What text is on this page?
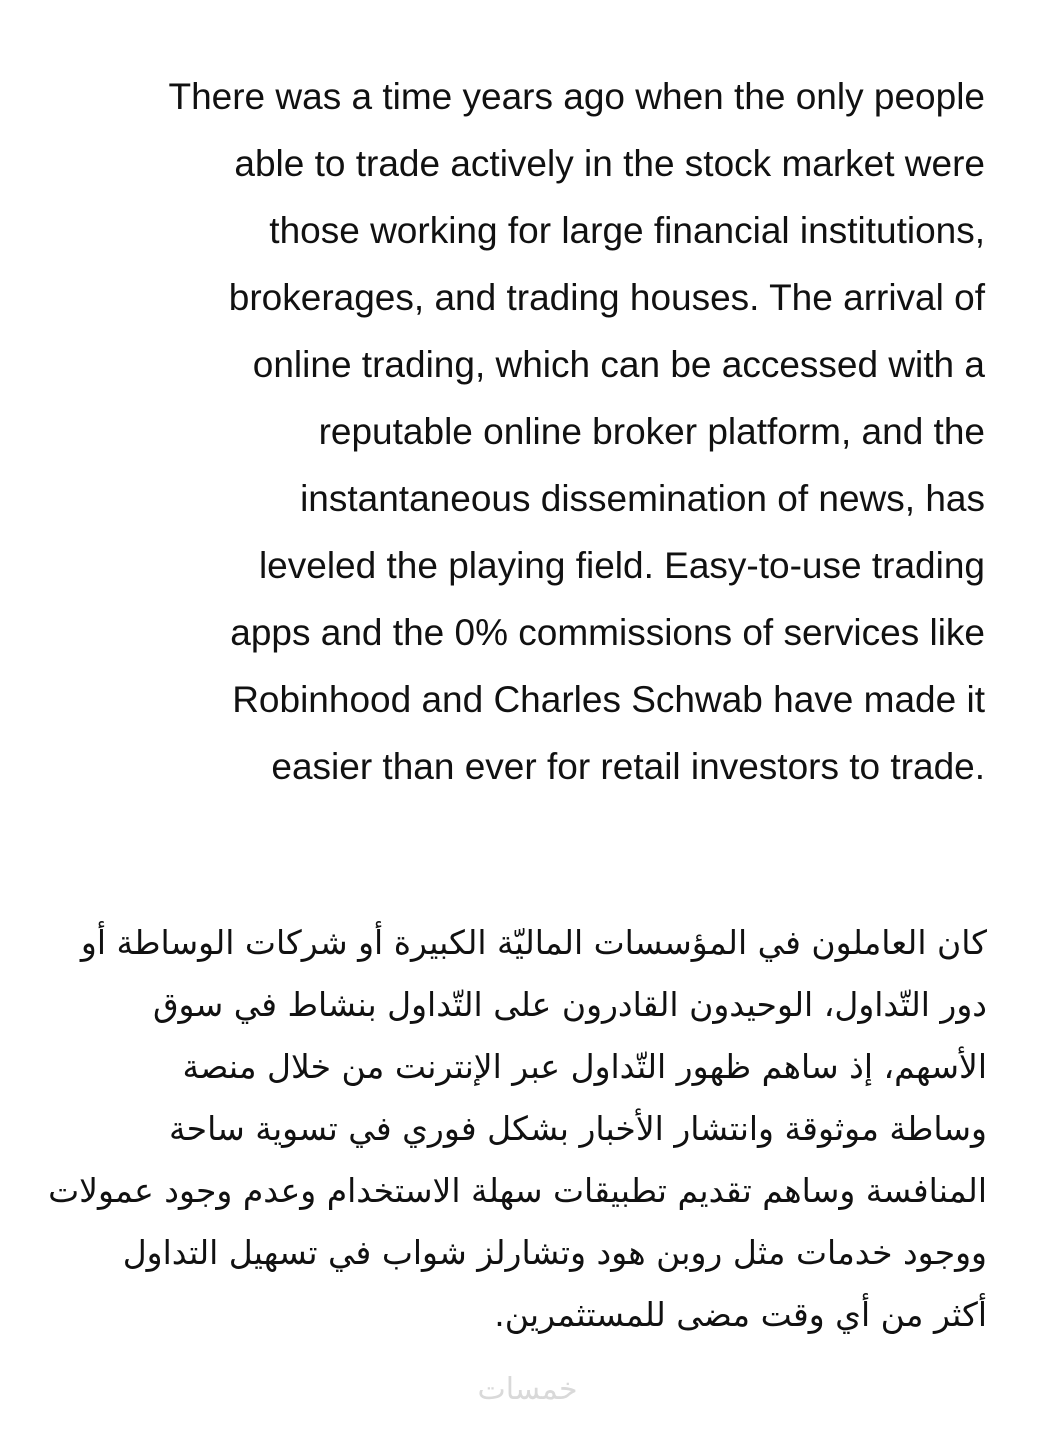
There was a time years ago when the only people
able to trade actively in the stock market were
those working for large financial institutions,
brokerages, and trading houses. The arrival of
online trading, which can be accessed with a
reputable online broker platform, and the
instantaneous dissemination of news, has
leveled the playing field. Easy-to-use trading
apps and the 0% commissions of services like
Robinhood and Charles Schwab have made it
easier than ever for retail investors to trade.

كان العاملون في المؤسسات الماليّة الكبيرة أو شركات الوساطة أو
دور التّداول، الوحيدون القادرون على التّداول بنشاط في سوق
الأسهم، إذ ساهم ظهور التّداول عبر الإنترنت من خلال منصة
وساطة موثوقة وانتشار الأخبار بشكل فوري في تسوية ساحة
المنافسة وساهم تقديم تطبيقات سهلة الاستخدام وعدم وجود عمولات
ووجود خدمات مثل روبن هود وتشارلز شواب في تسهيل التداول
أكثر من أي وقت مضى للمستثمرين.

خمسات
